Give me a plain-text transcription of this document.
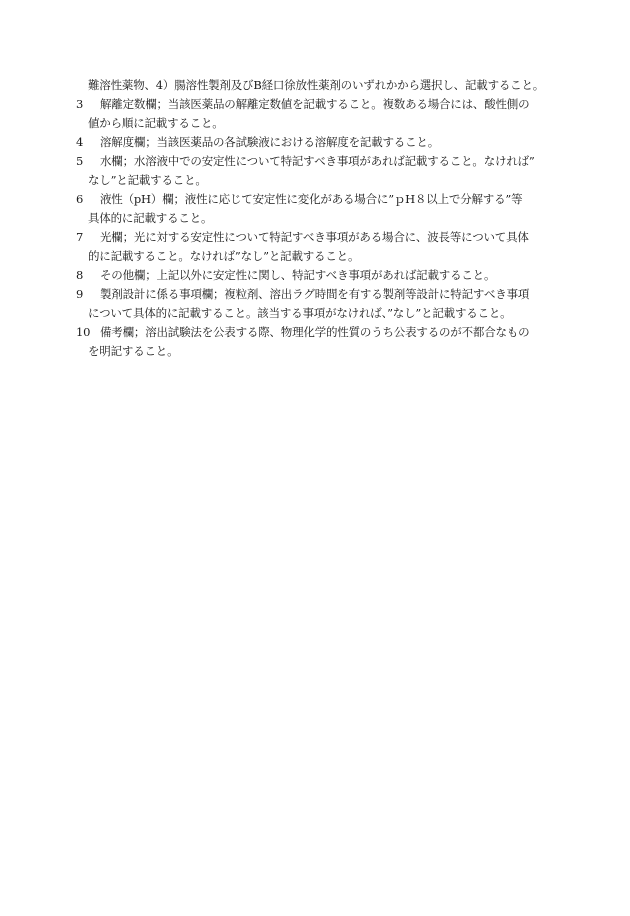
難溶性薬物、4）腸溶性製剤及びB経口徐放性薬剤のいずれかから選択し、記載すること。
3	解離定数欄；当該医薬品の解離定数値を記載すること。複数ある場合には、酸性側の
値から順に記載すること。
4	溶解度欄；当該医薬品の各試験液における溶解度を記載すること。
5	水欄；水溶液中での安定性について特記すべき事項があれば記載すること。なければ”
なし”と記載すること。
6	液性（pH）欄；液性に応じて安定性に変化がある場合に”ｐH８以上で分解する”等
具体的に記載すること。
7	光欄；光に対する安定性について特記すべき事項がある場合に、波長等について具体
的に記載すること。なければ”なし”と記載すること。
8	その他欄；上記以外に安定性に関し、特記すべき事項があれば記載すること。
9	製剤設計に係る事項欄；複粒剤、溶出ラグ時間を有する製剤等設計に特記すべき事項
について具体的に記載すること。該当する事項がなければ、”なし”と記載すること。
10 備考欄；溶出試験法を公表する際、物理化学的性質のうち公表するのが不都合なもの
を明記すること。
